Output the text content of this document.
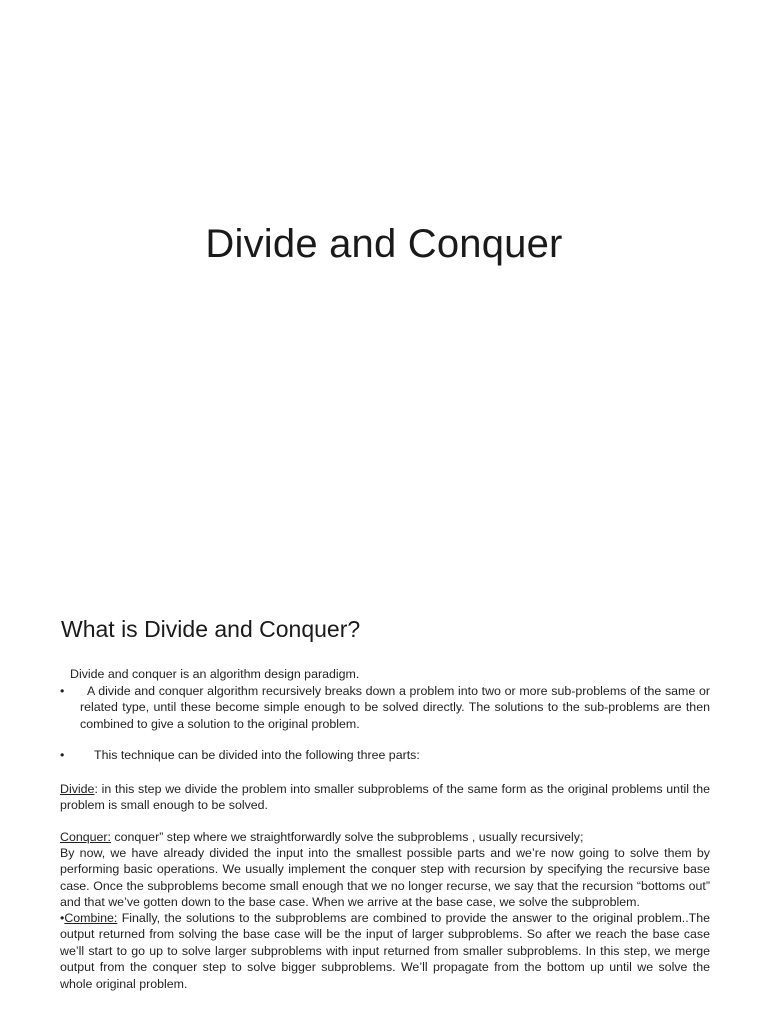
Divide and Conquer
What is Divide and Conquer?
Divide and conquer is an algorithm design paradigm.
•	A divide and conquer algorithm recursively breaks down a problem into two or more sub-problems of the same or related type, until these become simple enough to be solved directly. The solutions to the sub-problems are then combined to give a solution to the original problem.
•	This technique can be divided into the following three parts:
Divide: in this step we divide the problem into smaller subproblems of the same form as the original problems until the problem is small enough to be solved.
Conquer: conquer” step where we straightforwardly solve the subproblems , usually recursively;
By now, we have already divided the input into the smallest possible parts and we’re now going to solve them by performing basic operations. We usually implement the conquer step with recursion by specifying the recursive base case. Once the subproblems become small enough that we no longer recurse, we say that the recursion “bottoms out” and that we’ve gotten down to the base case. When we arrive at the base case, we solve the subproblem.
•Combine: Finally, the solutions to the subproblems are combined to provide the answer to the original problem..The output returned from solving the base case will be the input of larger subproblems. So after we reach the base case we’ll start to go up to solve larger subproblems with input returned from smaller subproblems. In this step, we merge output from the conquer step to solve bigger subproblems. We’ll propagate from the bottom up until we solve the whole original problem.
